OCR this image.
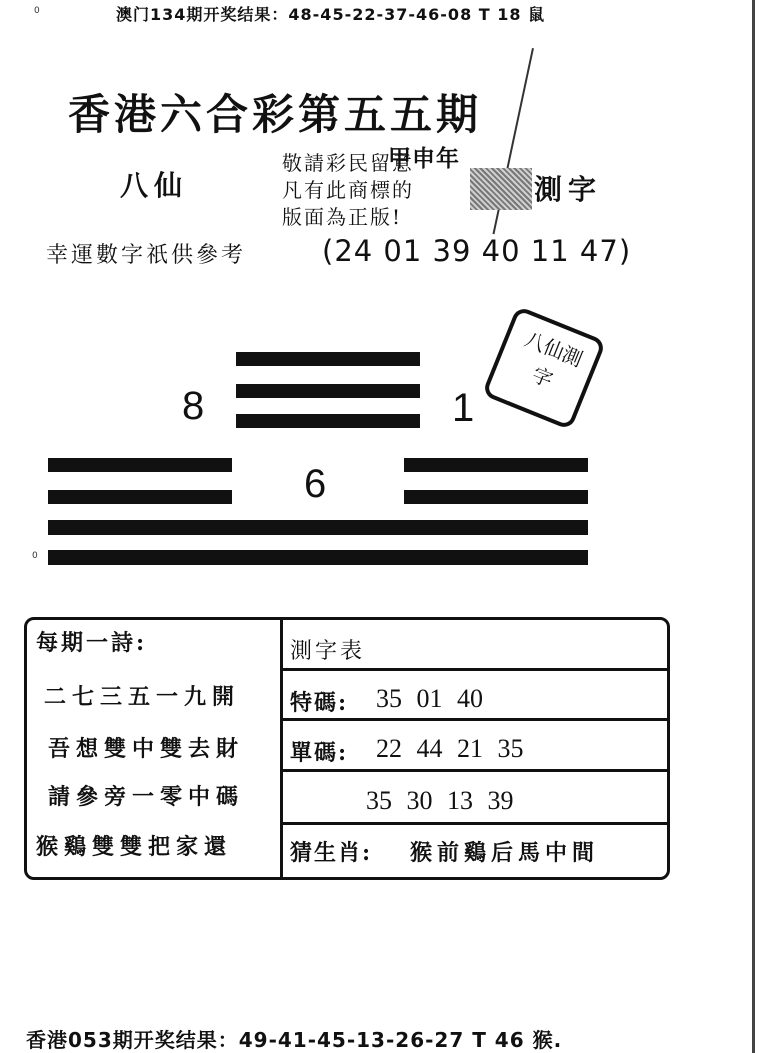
0	澳门134期开奖结果：48-45-22-37-46-08 T 18 鼠
香港六合彩第五五期
八仙
敬請彩民留意
凡有此商標的
版面為正版!
甲申年
測字
幸運數字祇供參考	(24 01 39 40 11 47)
8	1
八仙測字
6
0
每期一詩:
二七三五一九開
吾想雙中雙去財
請參旁一零中碼
猴鷄雙雙把家還
測字表
特碼: 35 01 40
單碼: 22 44 21 35
35 30 13 39
猜生肖: 猴前鷄后馬中間
香港053期开奖结果：49-41-45-13-26-27 T 46 猴.
